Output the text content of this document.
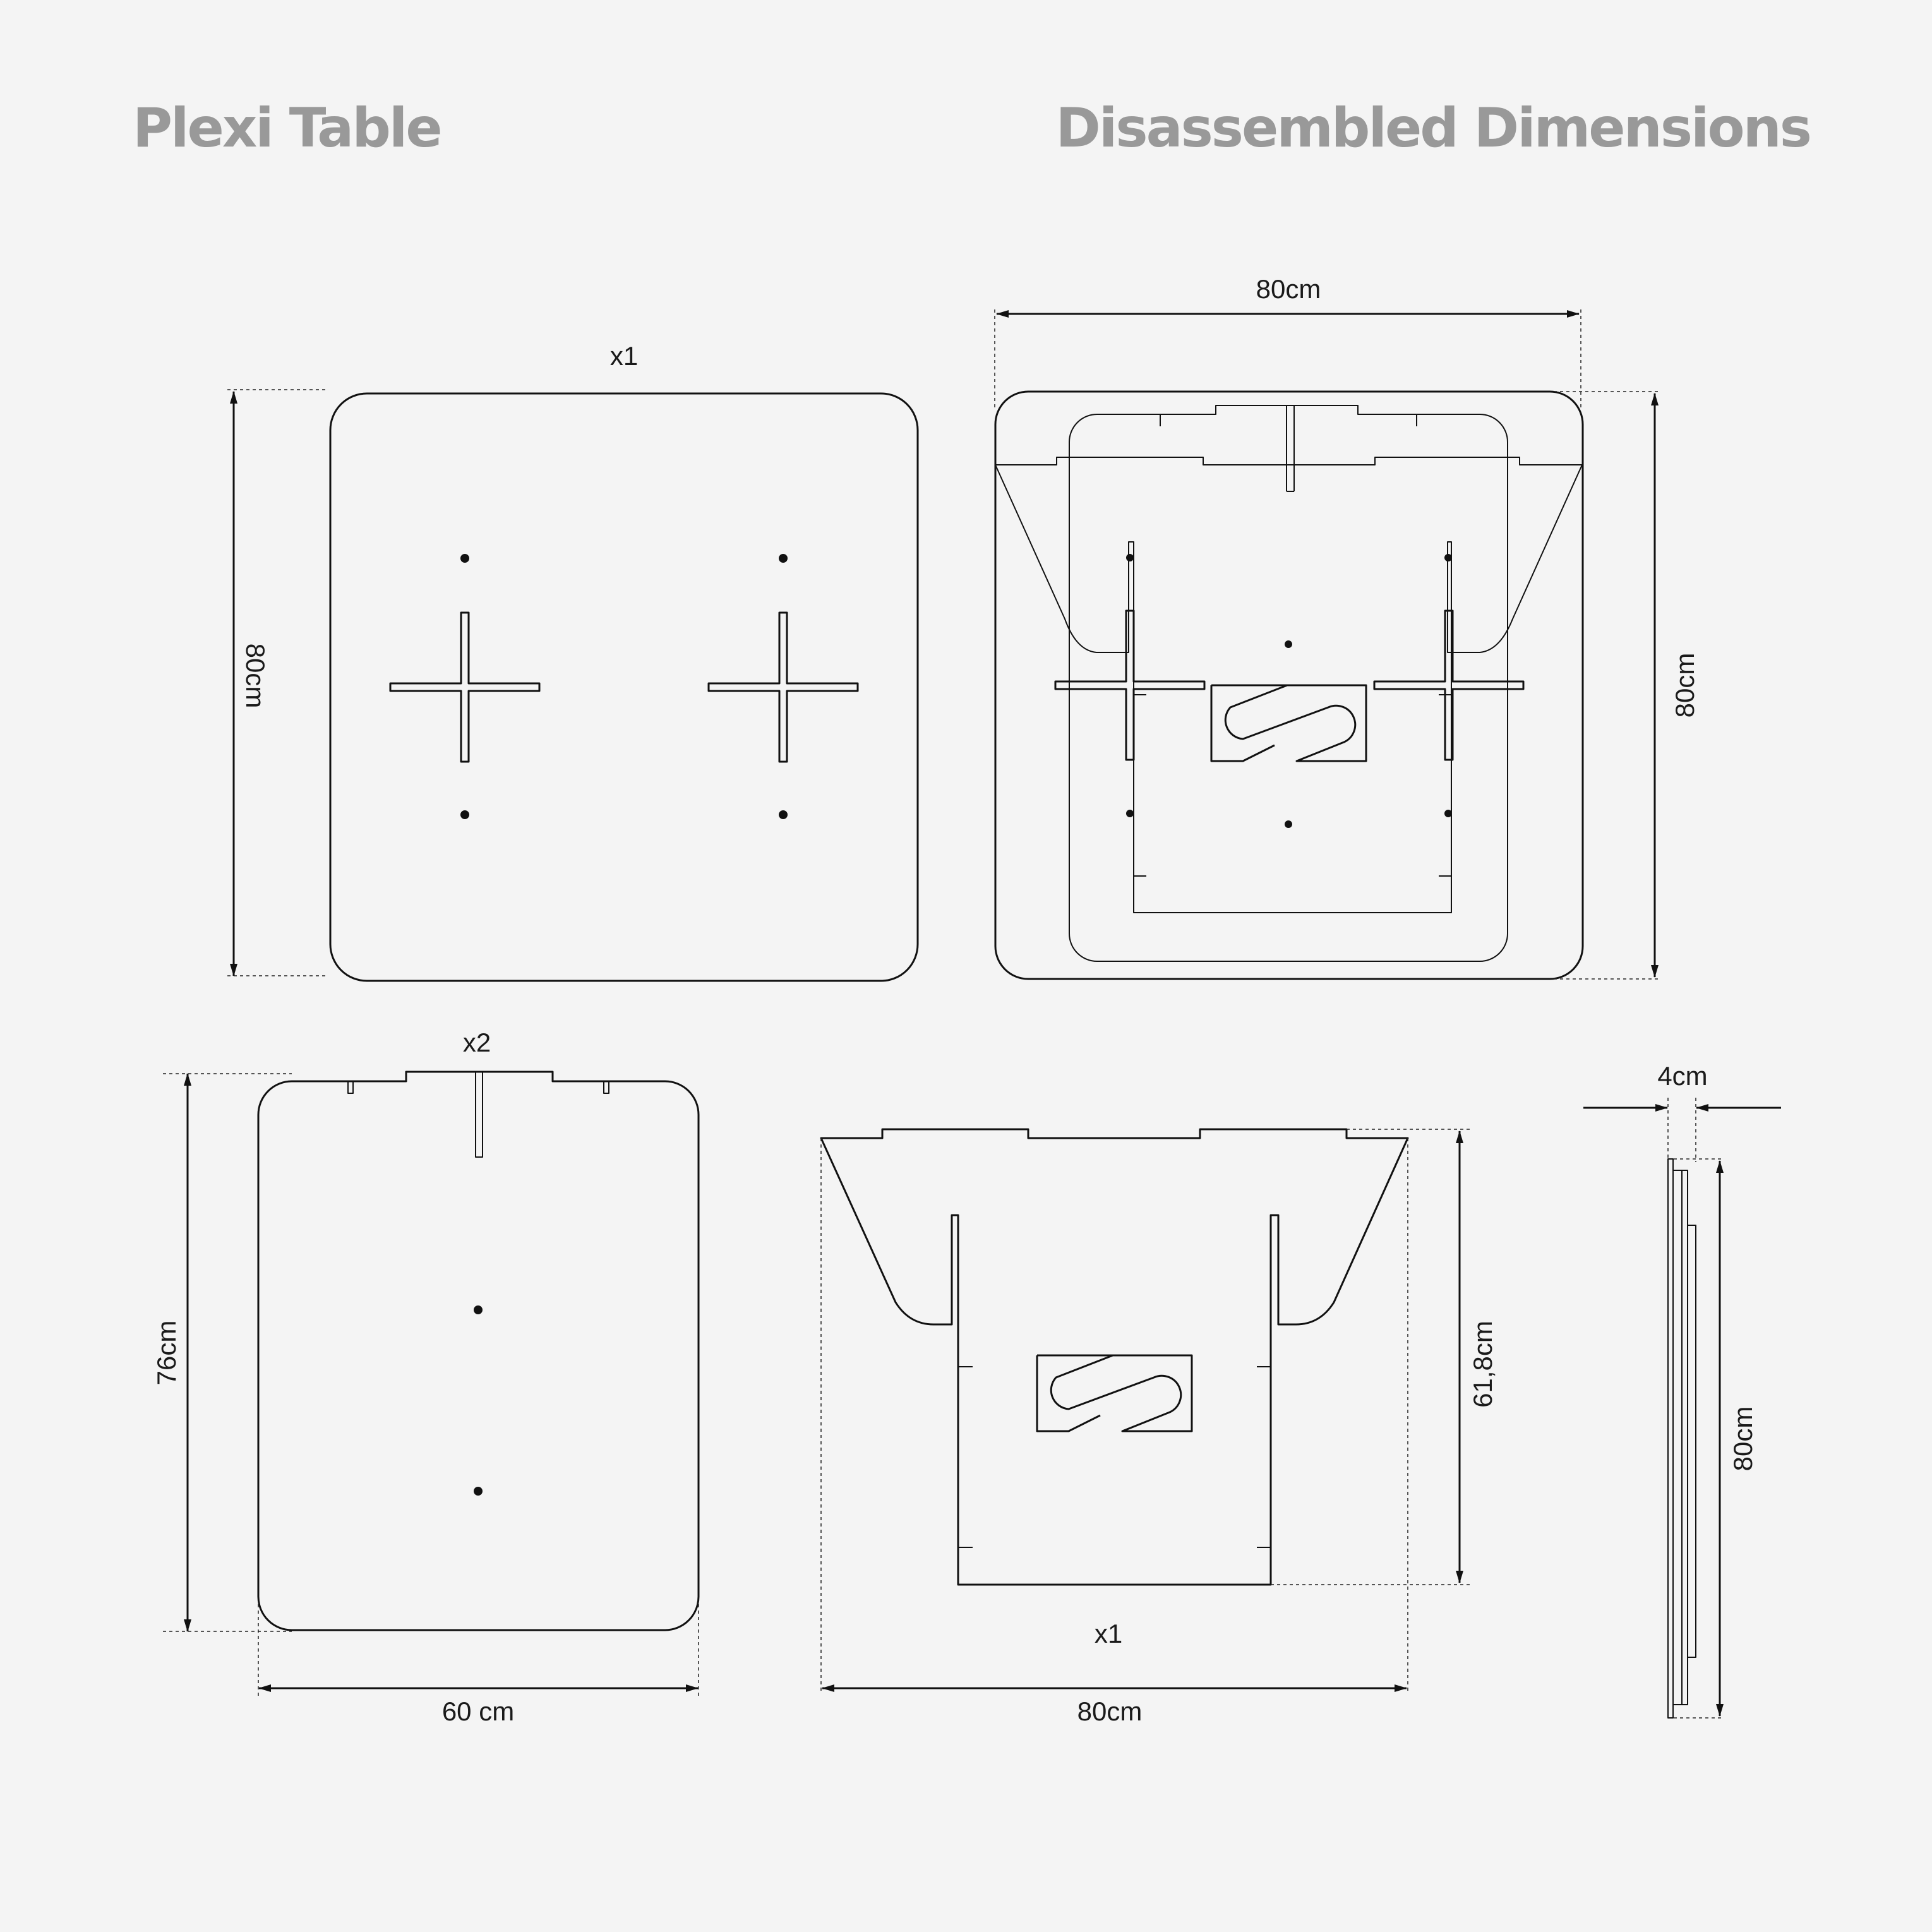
Plexi Table	Disassembled Dimensions
x1
80cm
80cm
80cm
x2
76cm
60 cm
x1
61,8cm
80cm
4cm
80cm
